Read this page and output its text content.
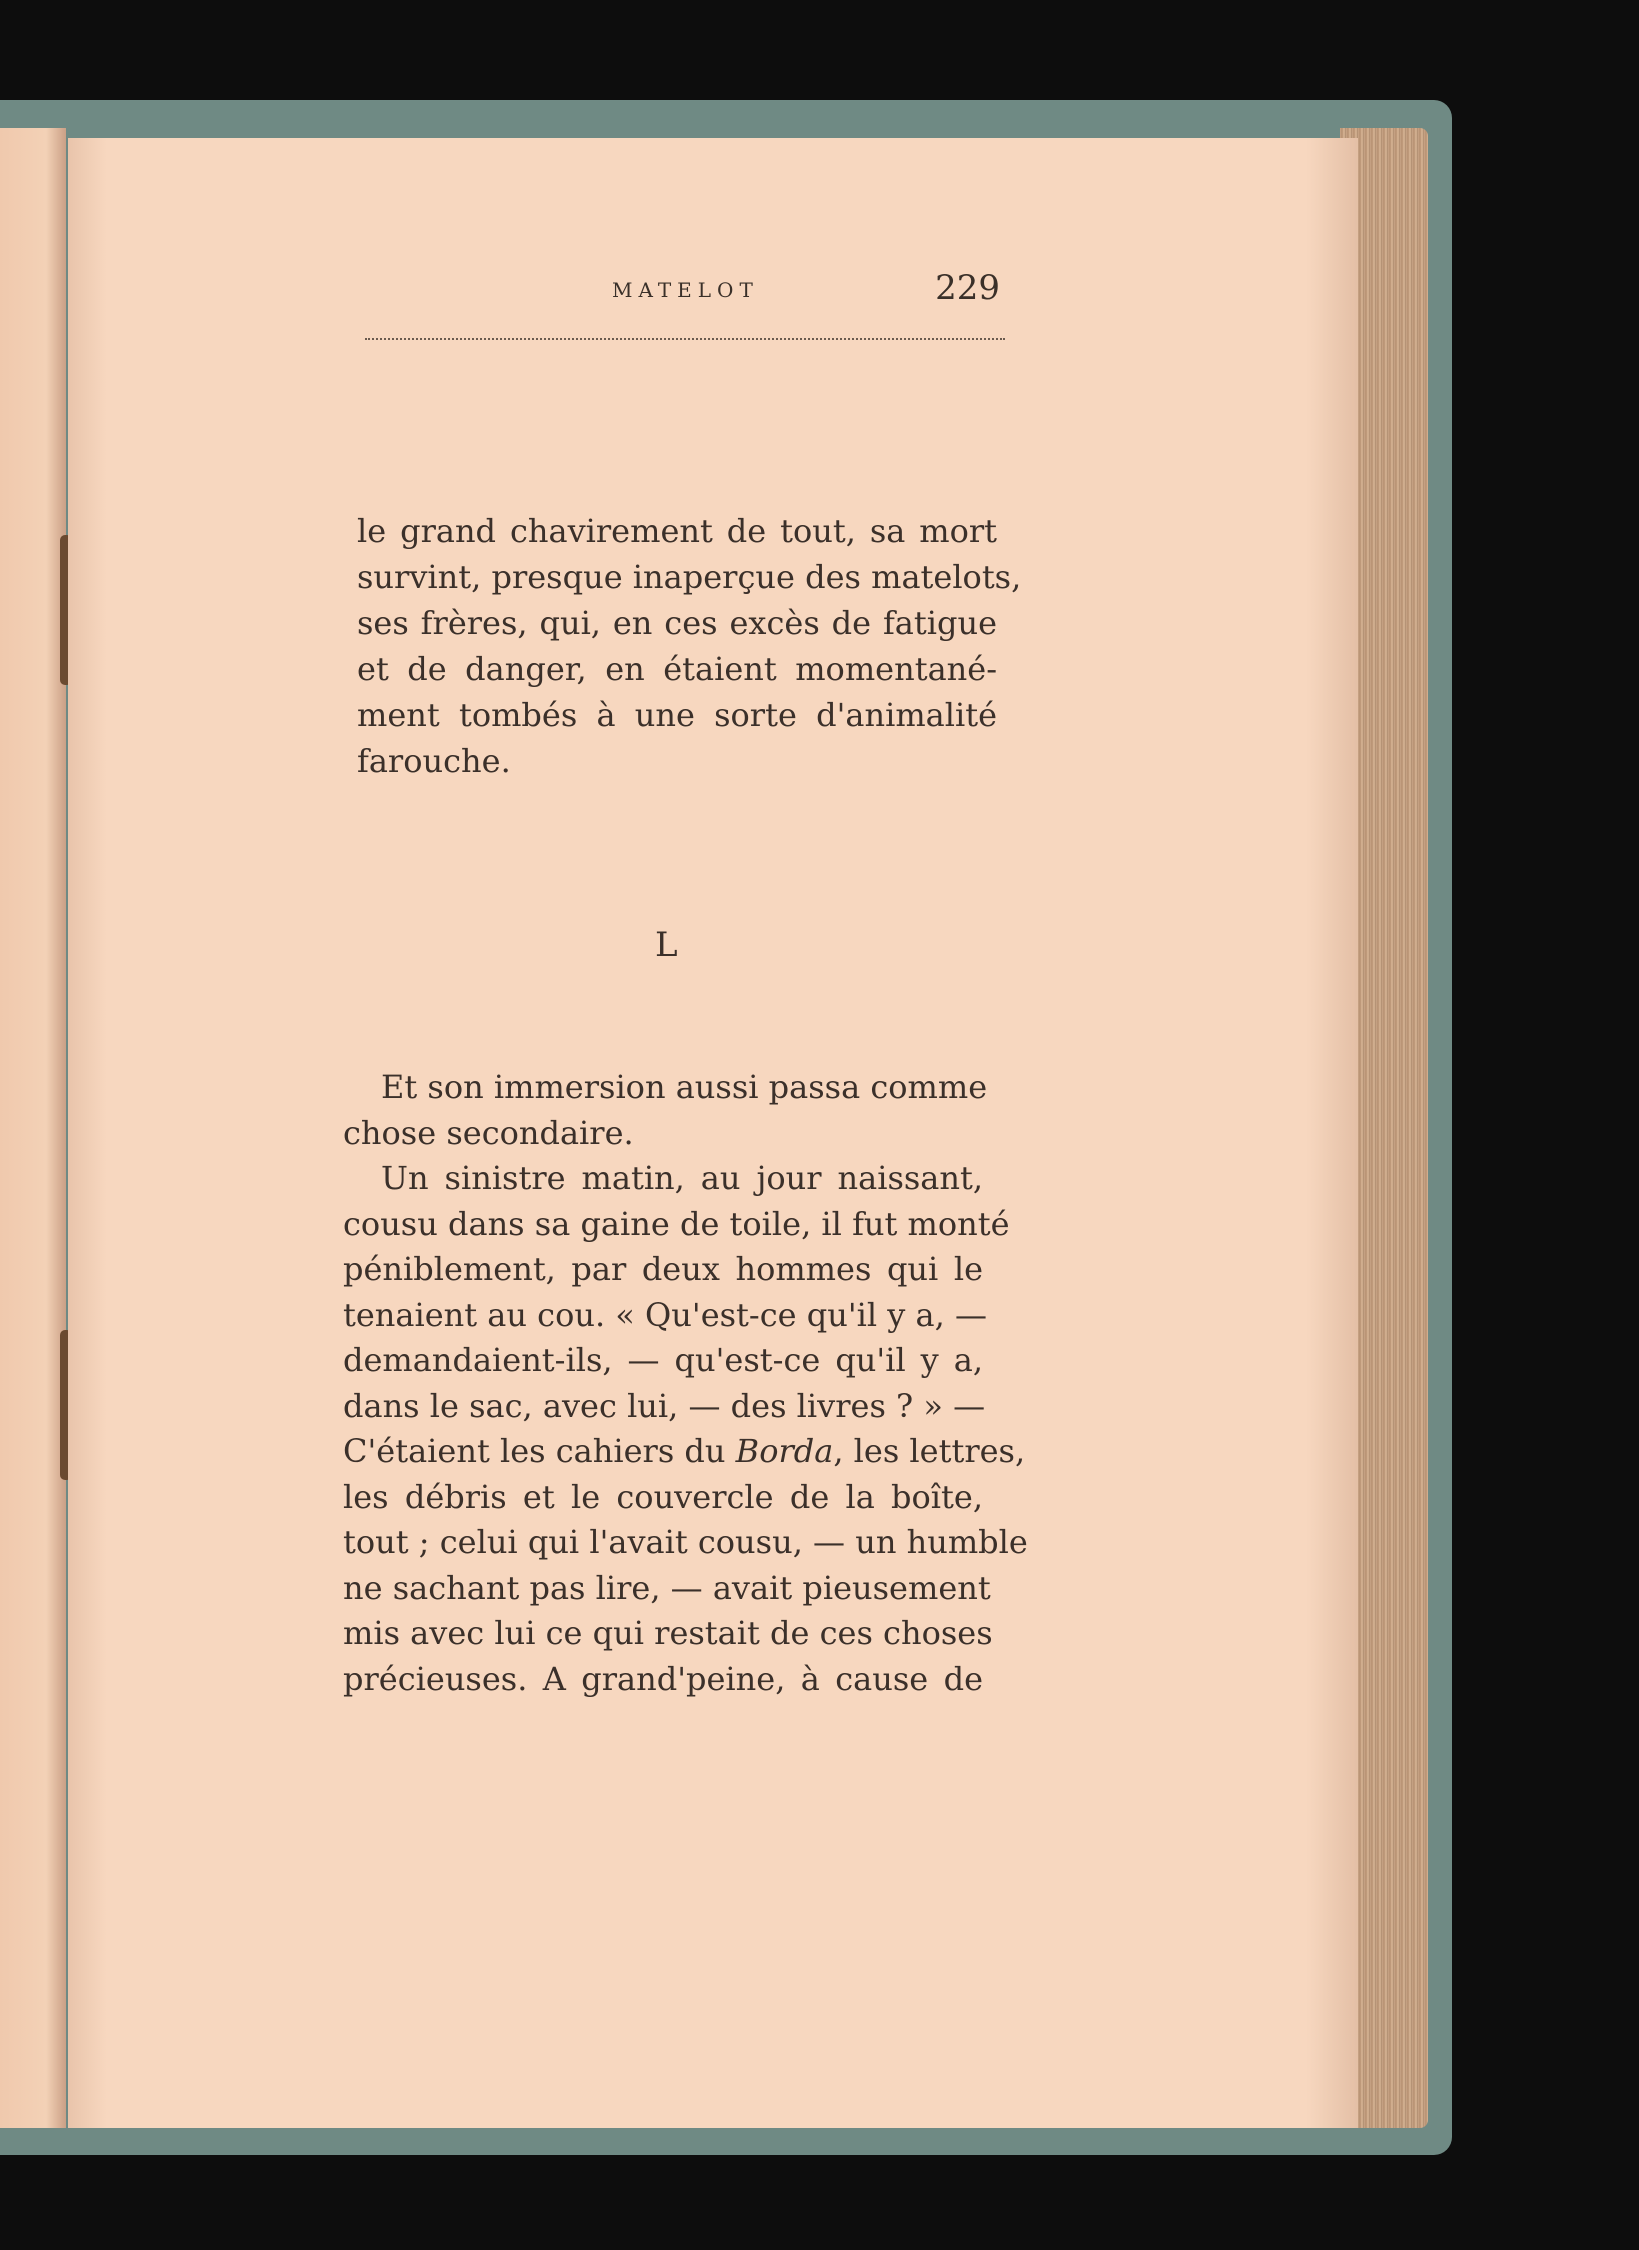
MATELOT	229
le grand chavirement de tout, sa mort
survint, presque inaperçue des matelots,
ses frères, qui, en ces excès de fatigue
et de danger, en étaient momentané-
ment tombés à une sorte d'animalité
farouche.
L
Et son immersion aussi passa comme
chose secondaire.
Un sinistre matin, au jour naissant,
cousu dans sa gaine de toile, il fut monté
péniblement, par deux hommes qui le
tenaient au cou. « Qu'est-ce qu'il y a, —
demandaient-ils, — qu'est-ce qu'il y a,
dans le sac, avec lui, — des livres ? » —
C'étaient les cahiers du Borda, les lettres,
les débris et le couvercle de la boîte,
tout ; celui qui l'avait cousu, — un humble
ne sachant pas lire, — avait pieusement
mis avec lui ce qui restait de ces choses
précieuses. A grand'peine, à cause de
